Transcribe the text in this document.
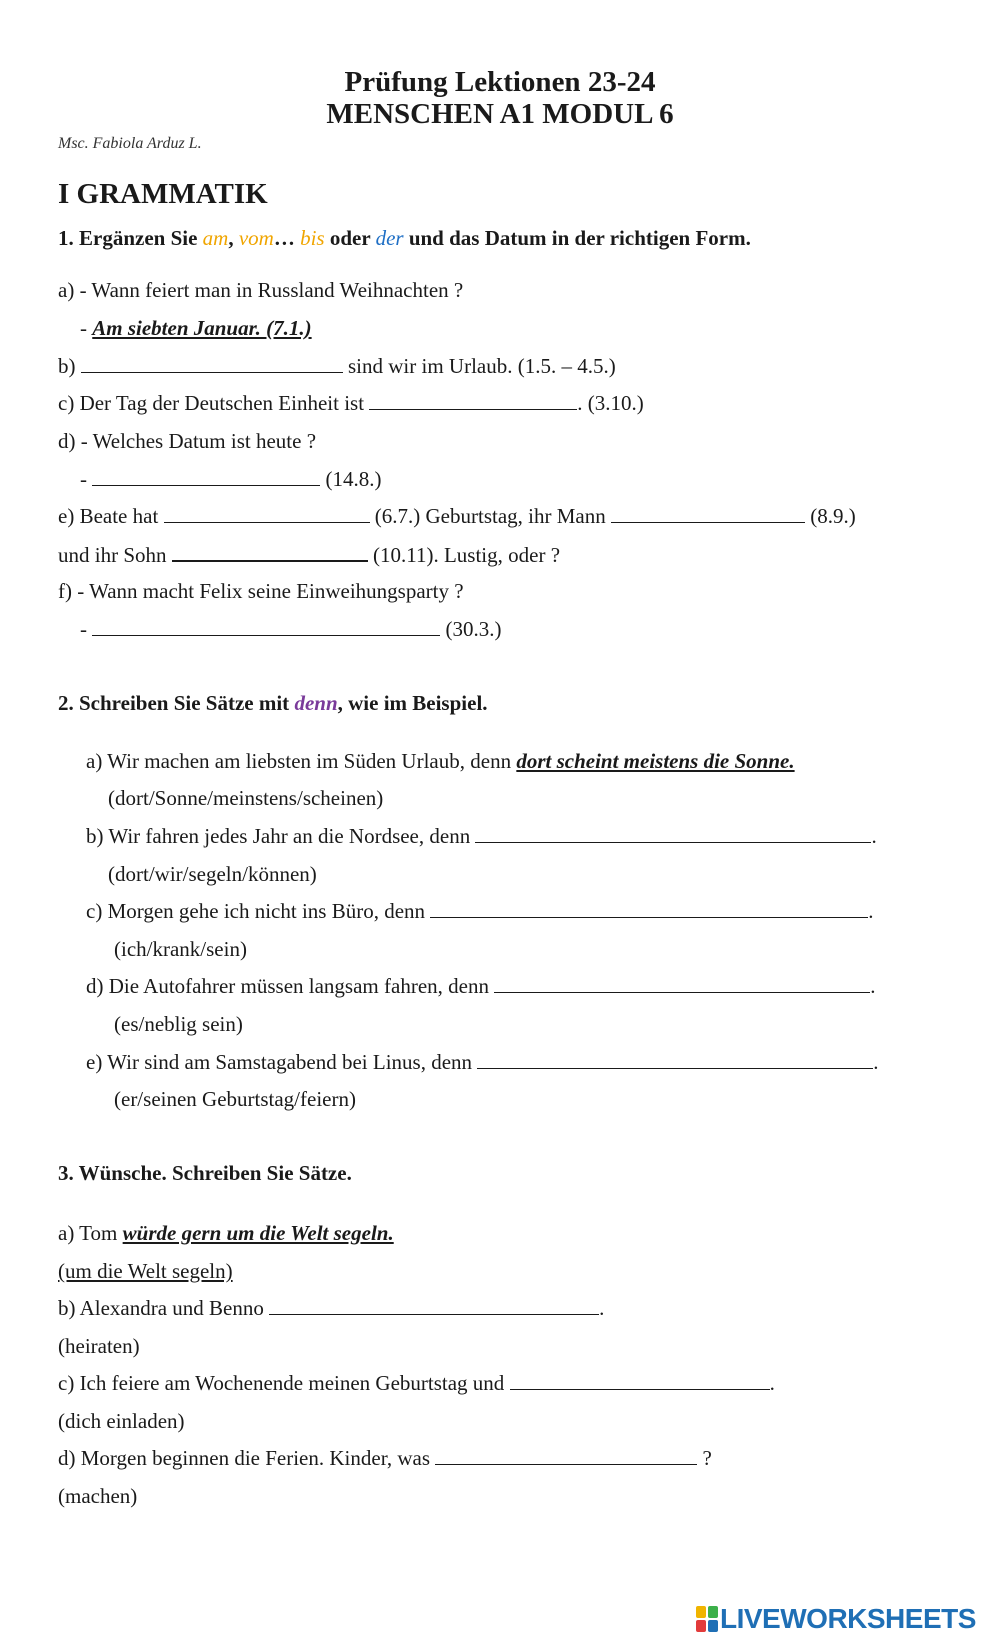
Prüfung Lektionen 23-24
MENSCHEN A1 MODUL 6
Msc. Fabiola Arduz L.
I GRAMMATIK
1. Ergänzen Sie am, vom… bis oder der und das Datum in der richtigen Form.
a) - Wann feiert man in Russland Weihnachten ?
- Am siebten Januar. (7.1.)
b)	sind wir im Urlaub. (1.5. – 4.5.)
c) Der Tag der Deutschen Einheit ist	. (3.10.)
d) - Welches Datum ist heute ?
-	(14.8.)
e) Beate hat	(6.7.) Geburtstag, ihr Mann	(8.9.)
und ihr Sohn	(10.11). Lustig, oder ?
f) - Wann macht Felix seine Einweihungsparty ?
-	(30.3.)
2. Schreiben Sie Sätze mit denn, wie im Beispiel.
a) Wir machen am liebsten im Süden Urlaub, denn dort scheint meistens die Sonne.
(dort/Sonne/meinstens/scheinen)
b) Wir fahren jedes Jahr an die Nordsee, denn	.
(dort/wir/segeln/können)
c) Morgen gehe ich nicht ins Büro, denn	.
(ich/krank/sein)
d) Die Autofahrer müssen langsam fahren, denn	.
(es/neblig sein)
e) Wir sind am Samstagabend bei Linus, denn	.
(er/seinen Geburtstag/feiern)
3. Wünsche. Schreiben Sie Sätze.
a) Tom würde gern um die Welt segeln.
(um die Welt segeln)
b) Alexandra und Benno	.
(heiraten)
c) Ich feiere am Wochenende meinen Geburtstag und	.
(dich einladen)
d) Morgen beginnen die Ferien. Kinder, was	?
(machen)
LIVEWORKSHEETS
